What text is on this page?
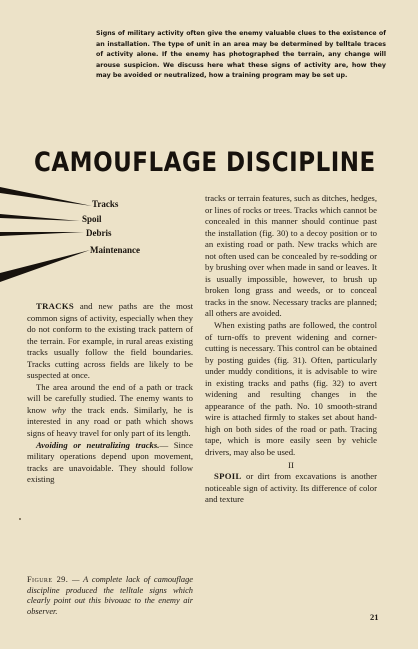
Signs of military activity often give the enemy valuable clues to the existence of an installation. The type of unit in an area may be determined by telltale traces of activity alone. If the enemy has photographed the terrain, any change will arouse suspicion. We discuss here what these signs of activity are, how they may be avoided or neutralized, how a training program may be set up.
CAMOUFLAGE DISCIPLINE
Tracks
Spoil
Debris
Maintenance

TRACKS and new paths are the most common signs of activity, especially when they do not conform to the existing track pattern of the terrain. For example, in rural areas existing tracks usually follow the field boundaries. Tracks cutting across fields are likely to be suspected at once.

The area around the end of a path or track will be carefully studied. The enemy wants to know why the track ends. Similarly, he is interested in any road or path which shows signs of heavy travel for only part of its length.

Avoiding or neutralizing tracks.— Since military operations depend upon movement, tracks are unavoidable. They should follow existing

Figure 29. — A complete lack of camouflage discipline produced the telltale signs which clearly point out this bivouac to the enemy air observer.

tracks or terrain features, such as ditches, hedges, or lines of rocks or trees. Tracks which cannot be concealed in this manner should continue past the installation (fig. 30) to a decoy position or to an existing road or path. New tracks which are not often used can be concealed by re-sodding or by brushing over when made in sand or leaves. It is usually impossible, however, to brush up broken long grass and weeds, or to conceal tracks in the snow. Necessary tracks are planned; all others are avoided.

When existing paths are followed, the control of turn-offs to prevent widening and corner-cutting is necessary. This control can be obtained by posting guides (fig. 31). Often, particularly under muddy conditions, it is advisable to wire in existing tracks and paths (fig. 32) to avert widening and resulting changes in the appearance of the path. No. 10 smooth-strand wire is attached firmly to stakes set about hand-high on both sides of the road or path. Tracing tape, which is more easily seen by vehicle drivers, may also be used.

II

SPOIL or dirt from excavations is another noticeable sign of activity. Its difference of color and texture

21
